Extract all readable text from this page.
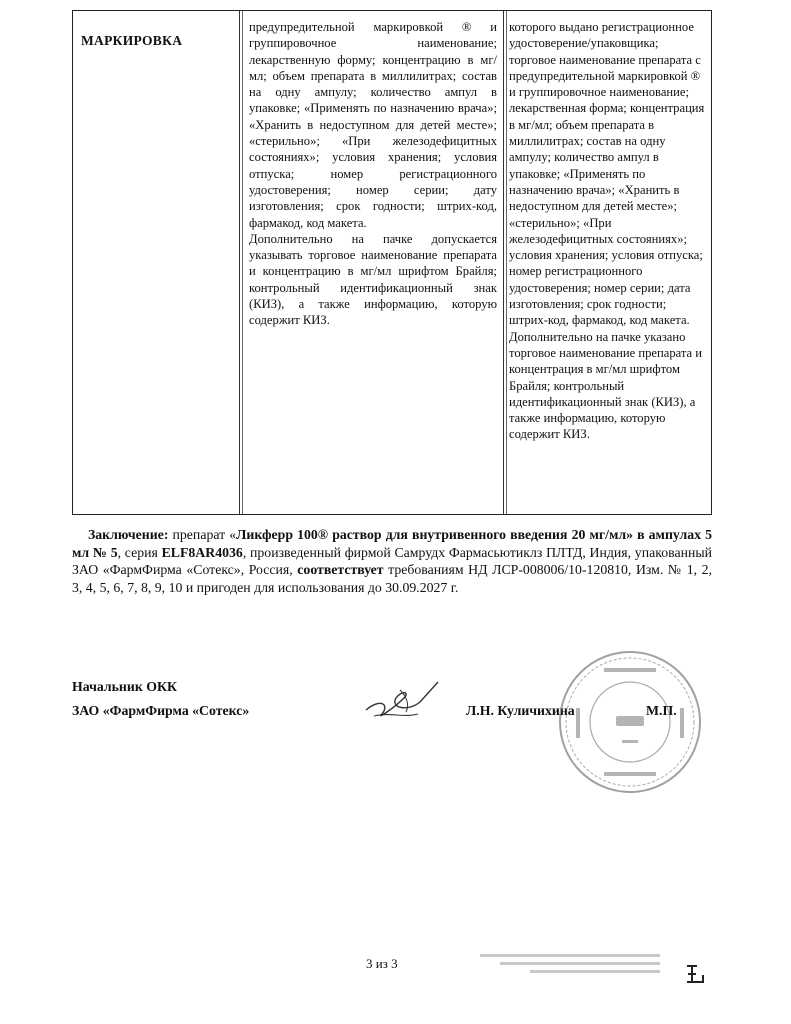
МАРКИРОВКА

предупредительной маркировкой ® и группировочное наименование; лекарственную форму; концентрацию в мг/мл; объем препарата в миллилитрах; состав на одну ампулу; количество ампул в упаковке; «Применять по назначению врача»; «Хранить в недоступном для детей месте»; «стерильно»; «При железодефицитных состояниях»; условия хранения; условия отпуска; номер регистрационного удостоверения; номер серии; дату изготовления; срок годности; штрих-код, фармакод, код макета.

Дополнительно на пачке допускается указывать торговое наименование препарата и концентрацию в мг/мл шрифтом Брайля; контрольный идентификационный знак (КИЗ), а также информацию, которую содержит КИЗ.

которого выдано регистрационное удостоверение/упаковщика; торговое наименование препарата с предупредительной маркировкой ® и группировочное наименование; лекарственная форма; концентрация в мг/мл; объем препарата в миллилитрах; состав на одну ампулу; количество ампул в упаковке; «Применять по назначению врача»; «Хранить в недоступном для детей месте»; «стерильно»; «При железодефицитных состояниях»; условия хранения; условия отпуска; номер регистрационного удостоверения; номер серии; дата изготовления; срок годности; штрих-код, фармакод, код макета.

Дополнительно на пачке указано торговое наименование препарата и концентрация в мг/мл шрифтом Брайля; контрольный идентификационный знак (КИЗ), а также информацию, которую содержит КИЗ.

Заключение: препарат «Ликферр 100® раствор для внутривенного введения 20 мг/мл» в ампулах 5 мл № 5, серия ELF8AR4036, произведенный фирмой Самрудх Фармасьютиклз ПЛТД, Индия, упакованный ЗАО «ФармФирма «Сотекс», Россия, соответствует требованиям НД ЛСР-008006/10-120810, Изм. № 1, 2, 3, 4, 5, 6, 7, 8, 9, 10 и пригоден для использования до 30.09.2027 г.
Начальник ОКК
ЗАО «ФармФирма «Сотекс»	Л.Н. Куличихина	М.П.
3 из 3
